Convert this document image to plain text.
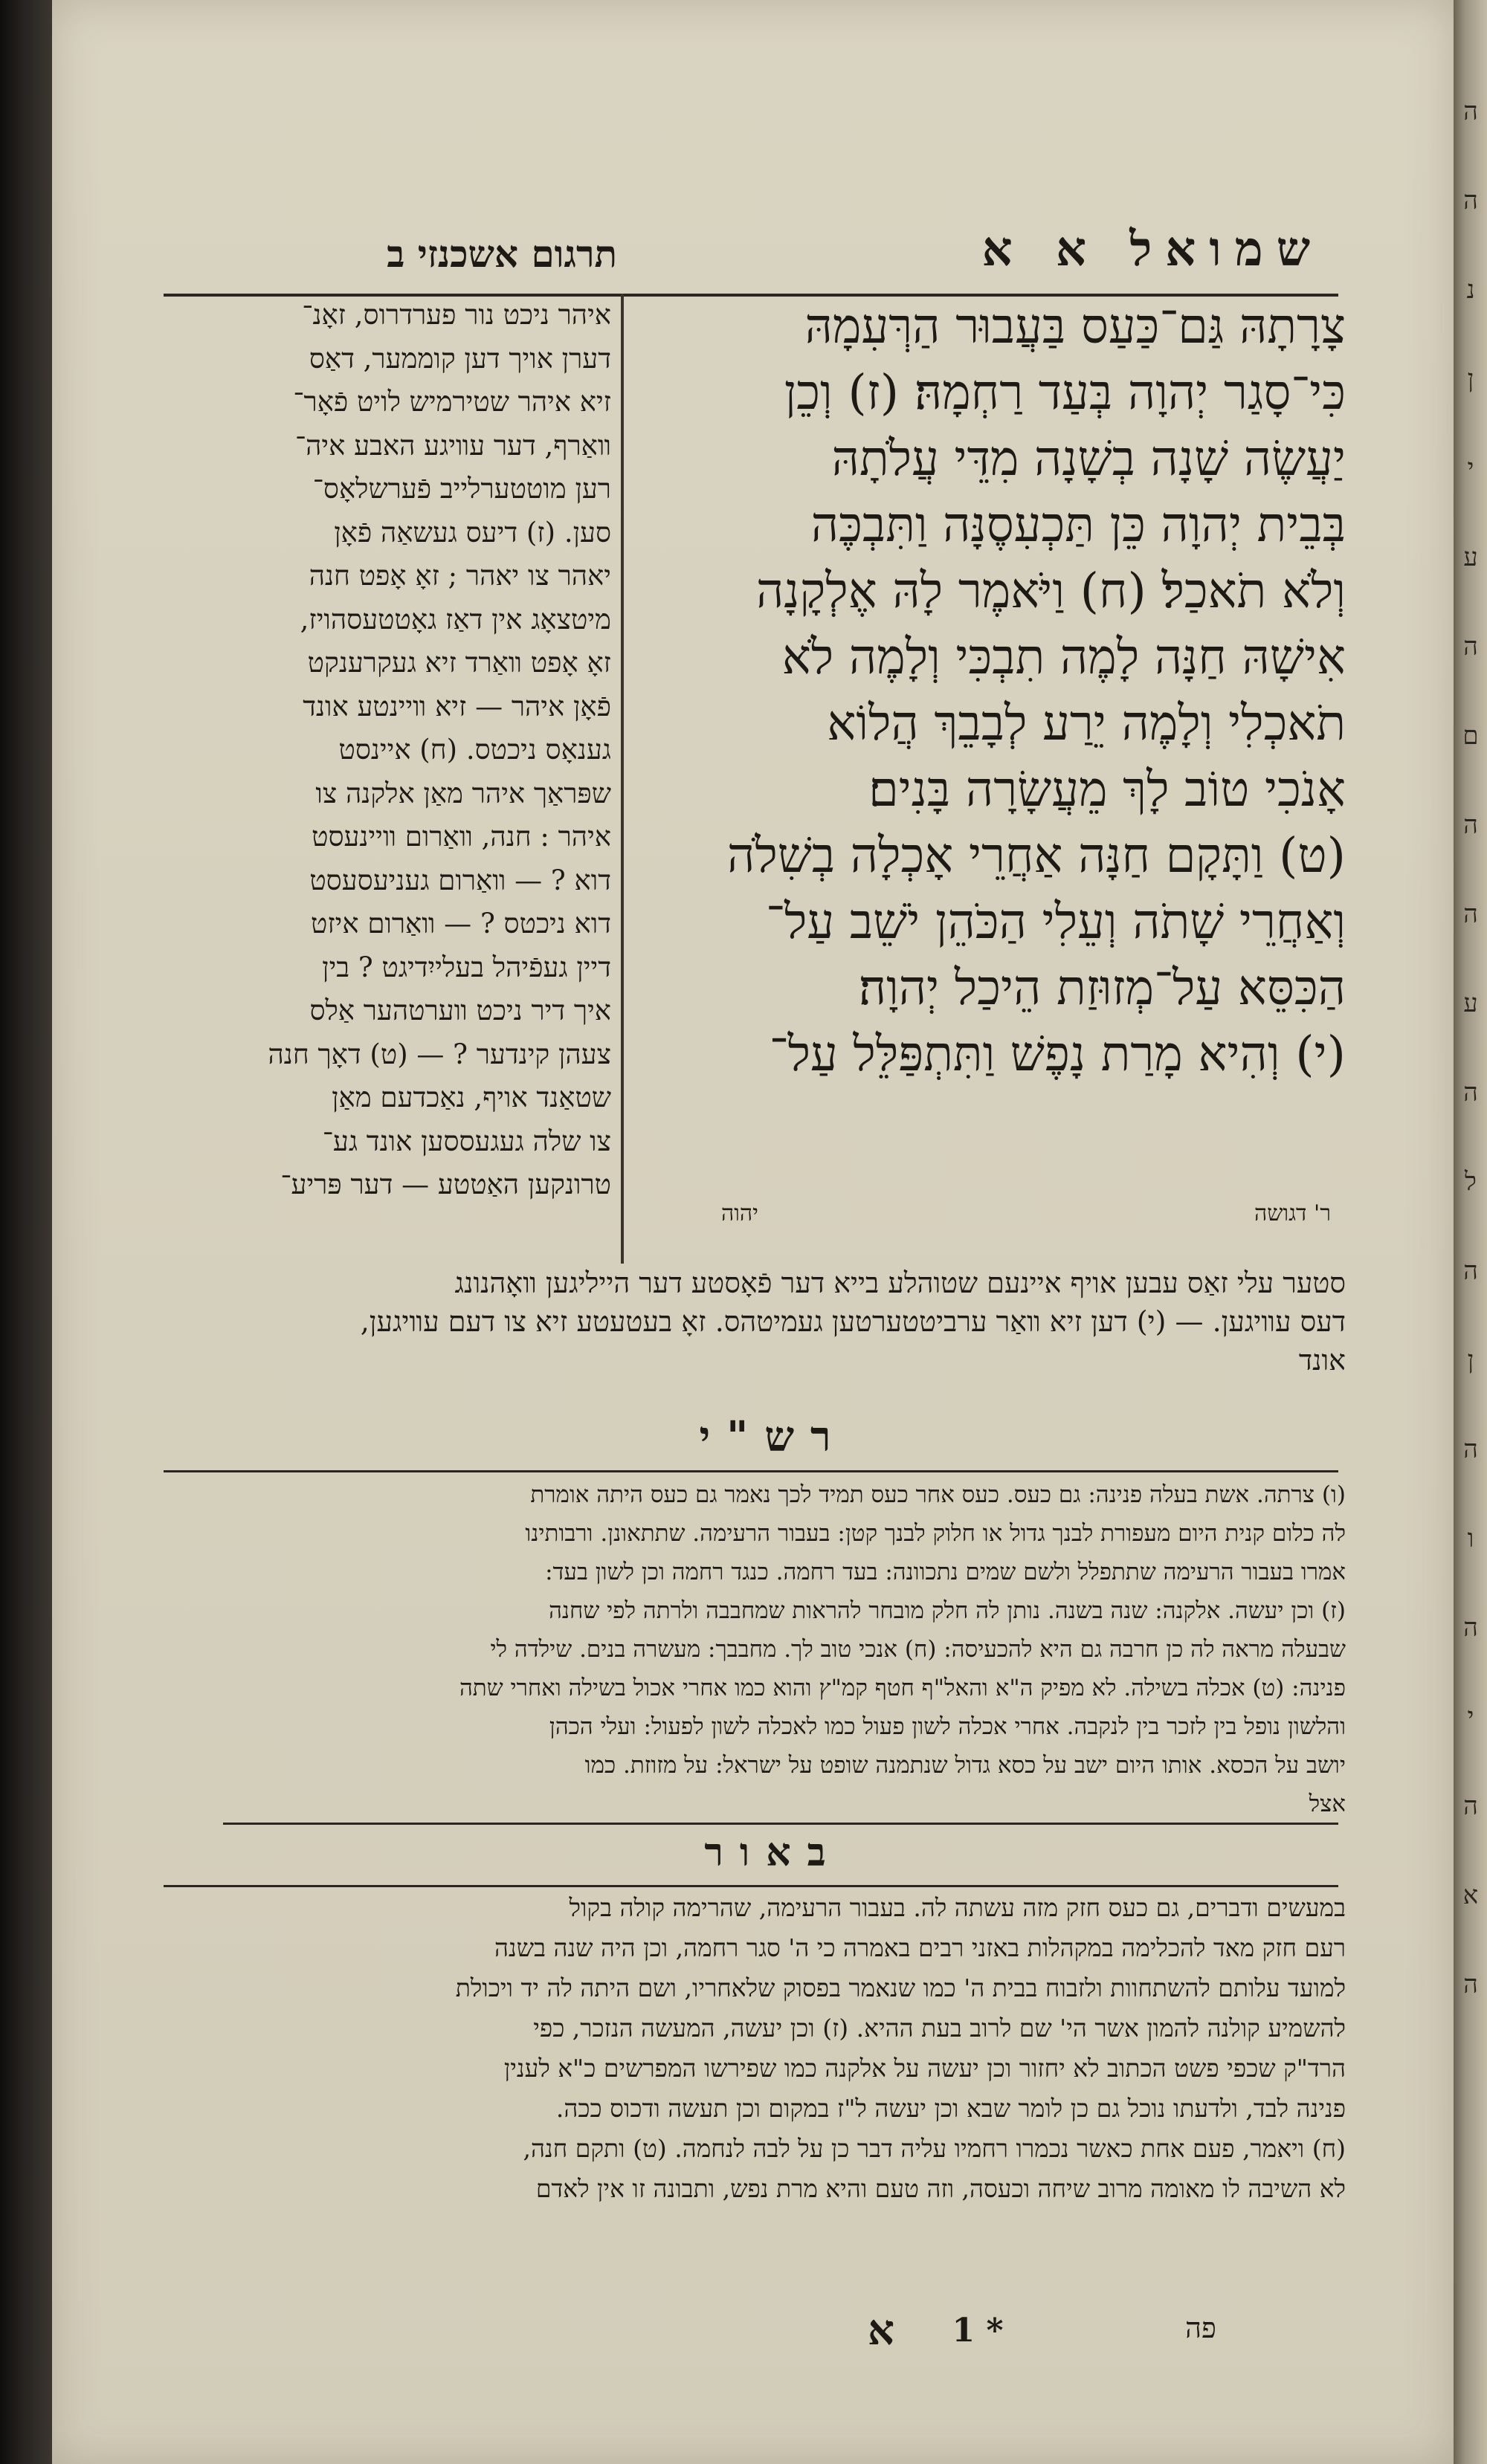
שמואל א א
תרגום אשכנזי ב

צָרָתָהּ גַּם־כַּעַס בַּעֲבוּר הַרְּעִמָהּ

כִּי־סָגַר יְהוָה בְּעַד רַחְמָהּ׃ (ז) וְכֵן

יַעֲשֶׂה שָׁנָה בְשָׁנָה מִדֵּי עֲלֹתָהּ

בְּבֵית יְהוָה כֵּן תַּכְעִסֶנָּה וַתִּבְכֶּה

וְלֹא תֹאכַל׃ (ח) וַיֹּאמֶר לָהּ אֶלְקָנָה

אִישָׁהּ חַנָּה לָמֶה תִבְכִּי וְלָמֶה לֹא

תֹאכְלִי וְלָמֶה יֵרַע לְבָבֵךְ הֲלוֹא

אָנֹכִי טוֹב לָךְ מֵעֲשָׂרָה בָּנִים׃

(ט) וַתָּקָם חַנָּה אַחֲרֵי אָכְלָה בְשִׁלֹה

וְאַחֲרֵי שָׁתֹה וְעֵלִי הַכֹּהֵן יֹשֵׁב עַל־

הַכִּסֵּא עַל־מְזוּזַת הֵיכַל יְהוָה׃

(י) וְהִיא מָרַת נָפֶשׁ וַתִּתְפַּלֵּל עַל־

ר' דגושה
יהוה

איהר ניכט נור פערדרוס, זאָנ־

דערן אויך דען קוממער, דאַס

זיא איהר שטירמיש לויט פֿאָר־

װאַרף, דער עװיגע האבע איה־

רען מוטטערלייב פֿערשלאָס־

סען. (ז) דיעס געשאַה פֿאָן

יאהר צו יאהר ; זאָ אָפט חנה

מיטצאָג אין דאַז גאָטטעסהויז,

זאָ אָפט װאַרד זיא געקרענקט

פֿאָן איהר — זיא װיינטע אונד

גענאָס ניכטס. (ח) איינסט

שפּראַך איהר מאַן אלקנה צו

איהר : חנה, װאַרום װיינעסט

דוא ? — װאַרום געניעסעסט

דוא ניכטס ? — װאַרום איזט

דיין געפֿיהל בעלייִדיגט ? בין

איך דיר ניכט װערטהער אַלס

צעהן קינדער ? — (ט) דאָך חנה

שטאַנד אויף, נאַכדעם מאַן

צו שלה געגעססען אונד גע־

טרונקען האַטטע — דער פּריע־

סטער עלי זאַס עבען אויף איינעם שטוהלע בייא דער פֿאָסטע דער הייליגען װאָהנונג

דעס עװיגען. — (י) דען זיא װאַר ערביטטערטען געמיטהס. זאָ בעטעטע זיא צו דעם עװיגען,

אונד

רש"י

(ו) צרתה. אשת בעלה פנינה: גם כעס. כעס אחר כעס תמיד לכך נאמר גם כעס היתה אומרת

לה כלום קנית היום מעפורת לבנך גדול או חלוק לבנך קטן: בעבור הרעימה. שתתאונן. ורבותינו

אמרו בעבור הרעימה שתתפלל ולשם שמים נתכוונה: בעד רחמה. כנגד רחמה וכן לשון בעד:

(ז) וכן יעשה. אלקנה: שנה בשנה. נותן לה חלק מובחר להראות שמחבבה ולרתה לפי שחנה

שבעלה מראה לה כן חרבה גם היא להכעיסה: (ח) אנכי טוב לך. מחבבך: מעשרה בנים. שילדה לי

פנינה: (ט) אכלה בשילה. לא מפיק ה"א והאל"ף חטף קמ"ץ והוא כמו אחרי אכול בשילה ואחרי שתה

והלשון נופל בין לזכר בין לנקבה. אחרי אכלה לשון פעול כמו לאכלה לשון לפעול: ועלי הכהן

יושב על הכסא. אותו היום ישב על כסא גדול שנתמנה שופט על ישראל: על מזוזת. כמו

אצל

באור

במעשים ודברים, גם כעס חזק מזה עשתה לה. בעבור הרעימה, שהרימה קולה בקול

רעם חזק מאד להכלימה במקהלות באזני רבים באמרה כי ה' סגר רחמה, וכן היה שנה בשנה

למועד עלותם להשתחוות ולזבוח בבית ה' כמו שנאמר בפסוק שלאחריו, ושם היתה לה יד ויכולת

להשמיע קולנה להמון אשר הי' שם לרוב בעת ההיא. (ז) וכן יעשה, המעשה הנזכר, כפי

הרד"ק שכפי פשט הכתוב לא יחזור וכן יעשה על אלקנה כמו שפירשו המפרשים כ"א לענין

פנינה לבד, ולדעתו נוכל גם כן לומר שבא וכן יעשה ל"ז במקום וכן תעשה ודכוס ככה.

(ח) ויאמר, פעם אחת כאשר נכמרו רחמיו עליה דבר כן על לבה לנחמה. (ט) ותקם חנה,

לא השיבה לו מאומה מרוב שיחה וכעסה, וזה טעם והיא מרת נפש, ותבונה זו אין לאדם

א	1 *	פה
ה
ה
נ
ן
י
ע
ה
ם
ה
ה
ע
ה
ל
ה
ן
ה
ו
ה
י
ה
א
ה
